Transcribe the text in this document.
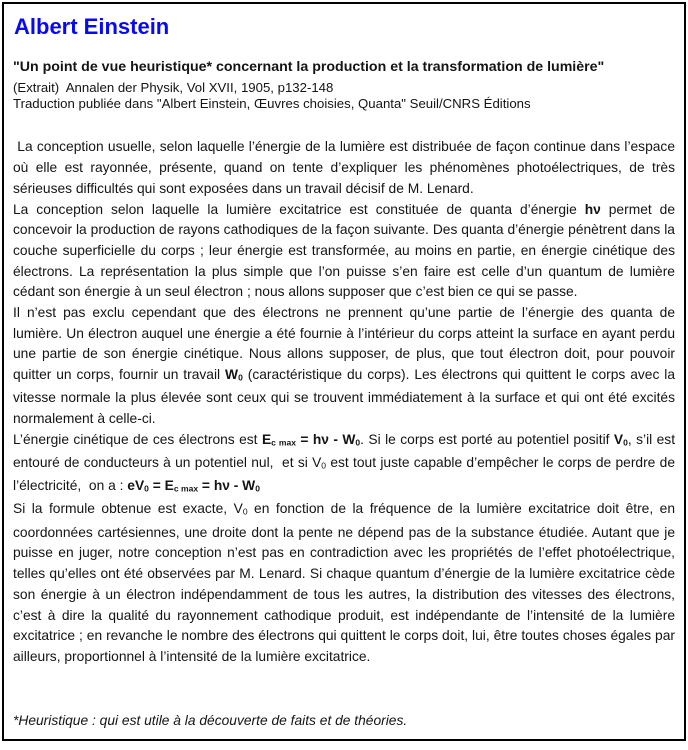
Albert Einstein

"Un point de vue heuristique* concernant la production et la transformation de lumière"

(Extrait)  Annalen der Physik, Vol XVII, 1905, p132-148

Traduction publiée dans "Albert Einstein, Œuvres choisies, Quanta" Seuil/CNRS Éditions

La conception usuelle, selon laquelle l’énergie de la lumière est distribuée de façon continue dans l’espace où elle est rayonnée, présente, quand on tente d’expliquer les phénomènes photoélectriques, de très sérieuses difficultés qui sont exposées dans un travail décisif de M. Lenard.

La conception selon laquelle la lumière excitatrice est constituée de quanta d’énergie hν permet de concevoir la production de rayons cathodiques de la façon suivante. Des quanta d’énergie pénètrent dans la couche superficielle du corps ; leur énergie est transformée, au moins en partie, en énergie cinétique des électrons. La représentation la plus simple que l’on puisse s’en faire est celle d’un quantum de lumière cédant son énergie à un seul électron ; nous allons supposer que c’est bien ce qui se passe.

Il n’est pas exclu cependant que des électrons ne prennent qu’une partie de l’énergie des quanta de lumière. Un électron auquel une énergie a été fournie à l’intérieur du corps atteint la surface en ayant perdu une partie de son énergie cinétique. Nous allons supposer, de plus, que tout électron doit, pour pouvoir quitter un corps, fournir un travail W0 (caractéristique du corps). Les électrons qui quittent le corps avec la vitesse normale la plus élevée sont ceux qui se trouvent immédiatement à la surface et qui ont été excités normalement à celle-ci.

L’énergie cinétique de ces électrons est Ec max = hν - W0. Si le corps est porté au potentiel positif V0, s’il est entouré de conducteurs à un potentiel nul,  et si V0 est tout juste capable d’empêcher le corps de perdre de l’électricité,  on a : eV0 = Ec max = hν - W0

Si la formule obtenue est exacte, V0 en fonction de la fréquence de la lumière excitatrice doit être, en coordonnées cartésiennes, une droite dont la pente ne dépend pas de la substance étudiée. Autant que je puisse en juger, notre conception n’est pas en contradiction avec les propriétés de l’effet photoélectrique, telles qu’elles ont été observées par M. Lenard. Si chaque quantum d’énergie de la lumière excitatrice cède son énergie à un électron indépendamment de tous les autres, la distribution des vitesses des électrons, c’est à dire la qualité du rayonnement cathodique produit, est indépendante de l’intensité de la lumière excitatrice ; en revanche le nombre des électrons qui quittent le corps doit, lui, être toutes choses égales par ailleurs, proportionnel à l’intensité de la lumière excitatrice.

*Heuristique : qui est utile à la découverte de faits et de théories.
